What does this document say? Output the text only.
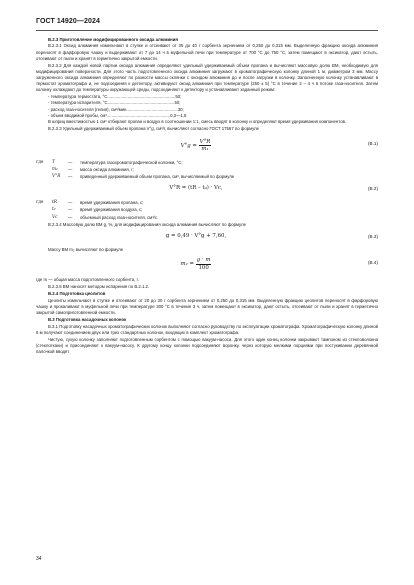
ГОСТ 14920—2024
В.2.3 Приготовление модифицированного оксида алюминия

В.2.3.1 Оксид алюминия измельчают в ступке и отсеивают от 35 до 40 г сорбента зернением от 0,250 до 0,315 мм. Выделенную фракцию оксида алюминия переносят в фарфоровую чашку и выдерживают от 7 до 14 ч в муфельной печи при температуре от 700 °С до 750 °С, затем помещают в эксикатор, дают остыть, отсеивают от пыли и хранят в герметично закрытой емкости.

В.2.3.2 Для каждой новой партии оксида алюминия определяют удельный удерживаемый объем пропана и вычисляют массовую долю ВМ, необходимую для модифицирования поверхности. Для этого часть подготовленного оксида алюминия загружают в хроматографическую колонку длиной 1 м, диаметром 3 мм. Массу загруженного оксида алюминия определяют по разности массы склянки с оксидом алюминия до и после загрузки в колонку. Заполненную колонку устанавливают в термостат хроматографа и, не подсоединяя к детектору, активируют оксид алюминия при температуре (250 ± 5) °С в течение 2 – 4 ч в потоке газа-носителя. Затем колонку охлаждают до температуры окружающей среды, подсоединяют к детектору и устанавливают заданный режим:

- температура термостата, °С.........................................................50;
- температура испарителя, °С........................................................50;
- расход газа-носителя (гелия), см³/мин...........................................30;
- объем вводимой пробы, см³.....................................................0,3—1,0.

В шприц вместимостью 1 см³ отбирают пропан и воздух в соотношении 1:1, смесь вводят в колонку и определяют время удерживания компонентов.

В.2.3.3 Удельный удерживаемый объем пропана V°g, см³/г, вычисляют согласно ГОСТ 17567 по формуле

$V^\circ g = \frac{V^\circ R}{\text{m₁}}$	(В.1)
где	T	—	температура газохроматографической колонки, °С;
m₁	—	масса оксида алюминия, г;
V°R	—	приведенный удерживаемый объем пропана, см³, вычисляемый по формуле
V°R = (tR – t₀) · Vc,	(В.2)
где	tR	—	время удерживания пропана, с;
t₀	—	время удерживания воздуха, с;
Vc	—	объемный расход газа-носителя, см³/с.

В.2.3.4 Массовую долю ВМ g, %, для модифицирования оксида алюминия вычисляют по формуле

g = 0,49 · V°g + 7,60,	(В.3)

Массу ВМ m₂ вычисляют по формуле

$m_2 = \frac{g \cdot m}{100}$	(В.4)

где m — общая масса подготовленного сорбента, г.

В.2.3.5 ВМ наносят методом испарения по В.2.1.2.

В.2.4 Подготовка цеолитов

Цеолиты измельчают в ступке и отсеивают от 20 до 30 г сорбента зернением от 0,250 до 0,315 мм. Выделенную фракцию цеолитов переносят в фарфоровую чашку и прокаливают в муфельной печи при температуре 300 °С в течение 3 ч, затем помещают в эксикатор, дают остыть, отсеивают от пыли и хранят в герметично закрытой самоприготовленной емкости.

В.3 Подготовка насадочных колонок

В.3.1 Подготовку насадочных хроматографических колонок выполняют согласно руководству по эксплуатации хроматографа. Хроматографическую колонку длиной 6 м получают соединением двух или трех стандартных колонок, входящих в комплект хроматографа.

Чистую, сухую колонку заполняют подготовленным сорбентом с помощью вакуум-насоса. Для этого один конец колонки закрывают тампоном из стекловолокна (стеклоткани) и присоединяют к вакуум-насосу. К другому концу колонки подсоединяют воронку, через которую мелкими порциями при постукивании деревянной палочкой вводят

34
